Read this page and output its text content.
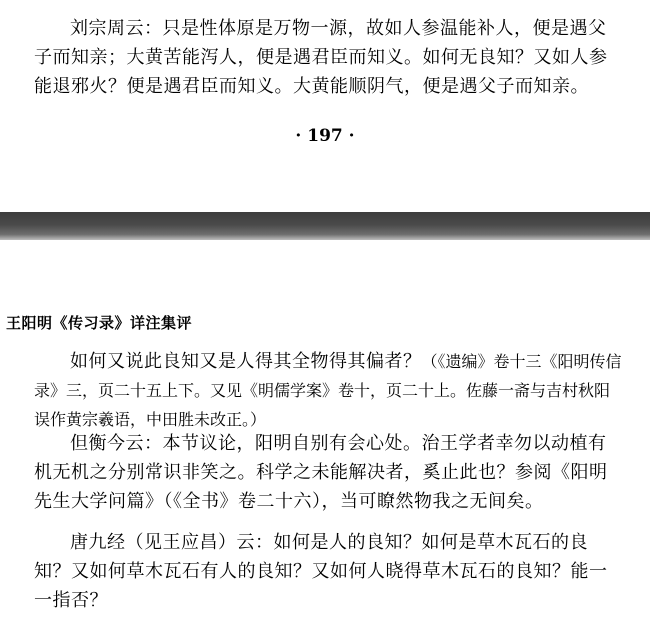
刘宗周云：只是性体原是万物一源，故如人参温能补人，便是遇父子而知亲；大黄苦能泻人，便是遇君臣而知义。如何无良知？又如人参能退邪火？便是遇君臣而知义。大黄能顺阴气，便是遇父子而知亲。

· 197 ·
王阳明《传习录》详注集评

如何又说此良知又是人得其全物得其偏者？（《遗编》卷十三《阳明传信录》三，页二十五上下。又见《明儒学案》卷十，页二十上。佐藤一斋与吉村秋阳误作黄宗羲语，中田胜未改正。）

但衡今云：本节议论，阳明自别有会心处。治王学者幸勿以动植有机无机之分别常识非笑之。科学之未能解决者，奚止此也？参阅《阳明先生大学问篇》（《全书》卷二十六），当可瞭然物我之无间矣。

唐九经（见王应昌）云：如何是人的良知？如何是草木瓦石的良知？又如何草木瓦石有人的良知？又如何人晓得草木瓦石的良知？能一一指否？
